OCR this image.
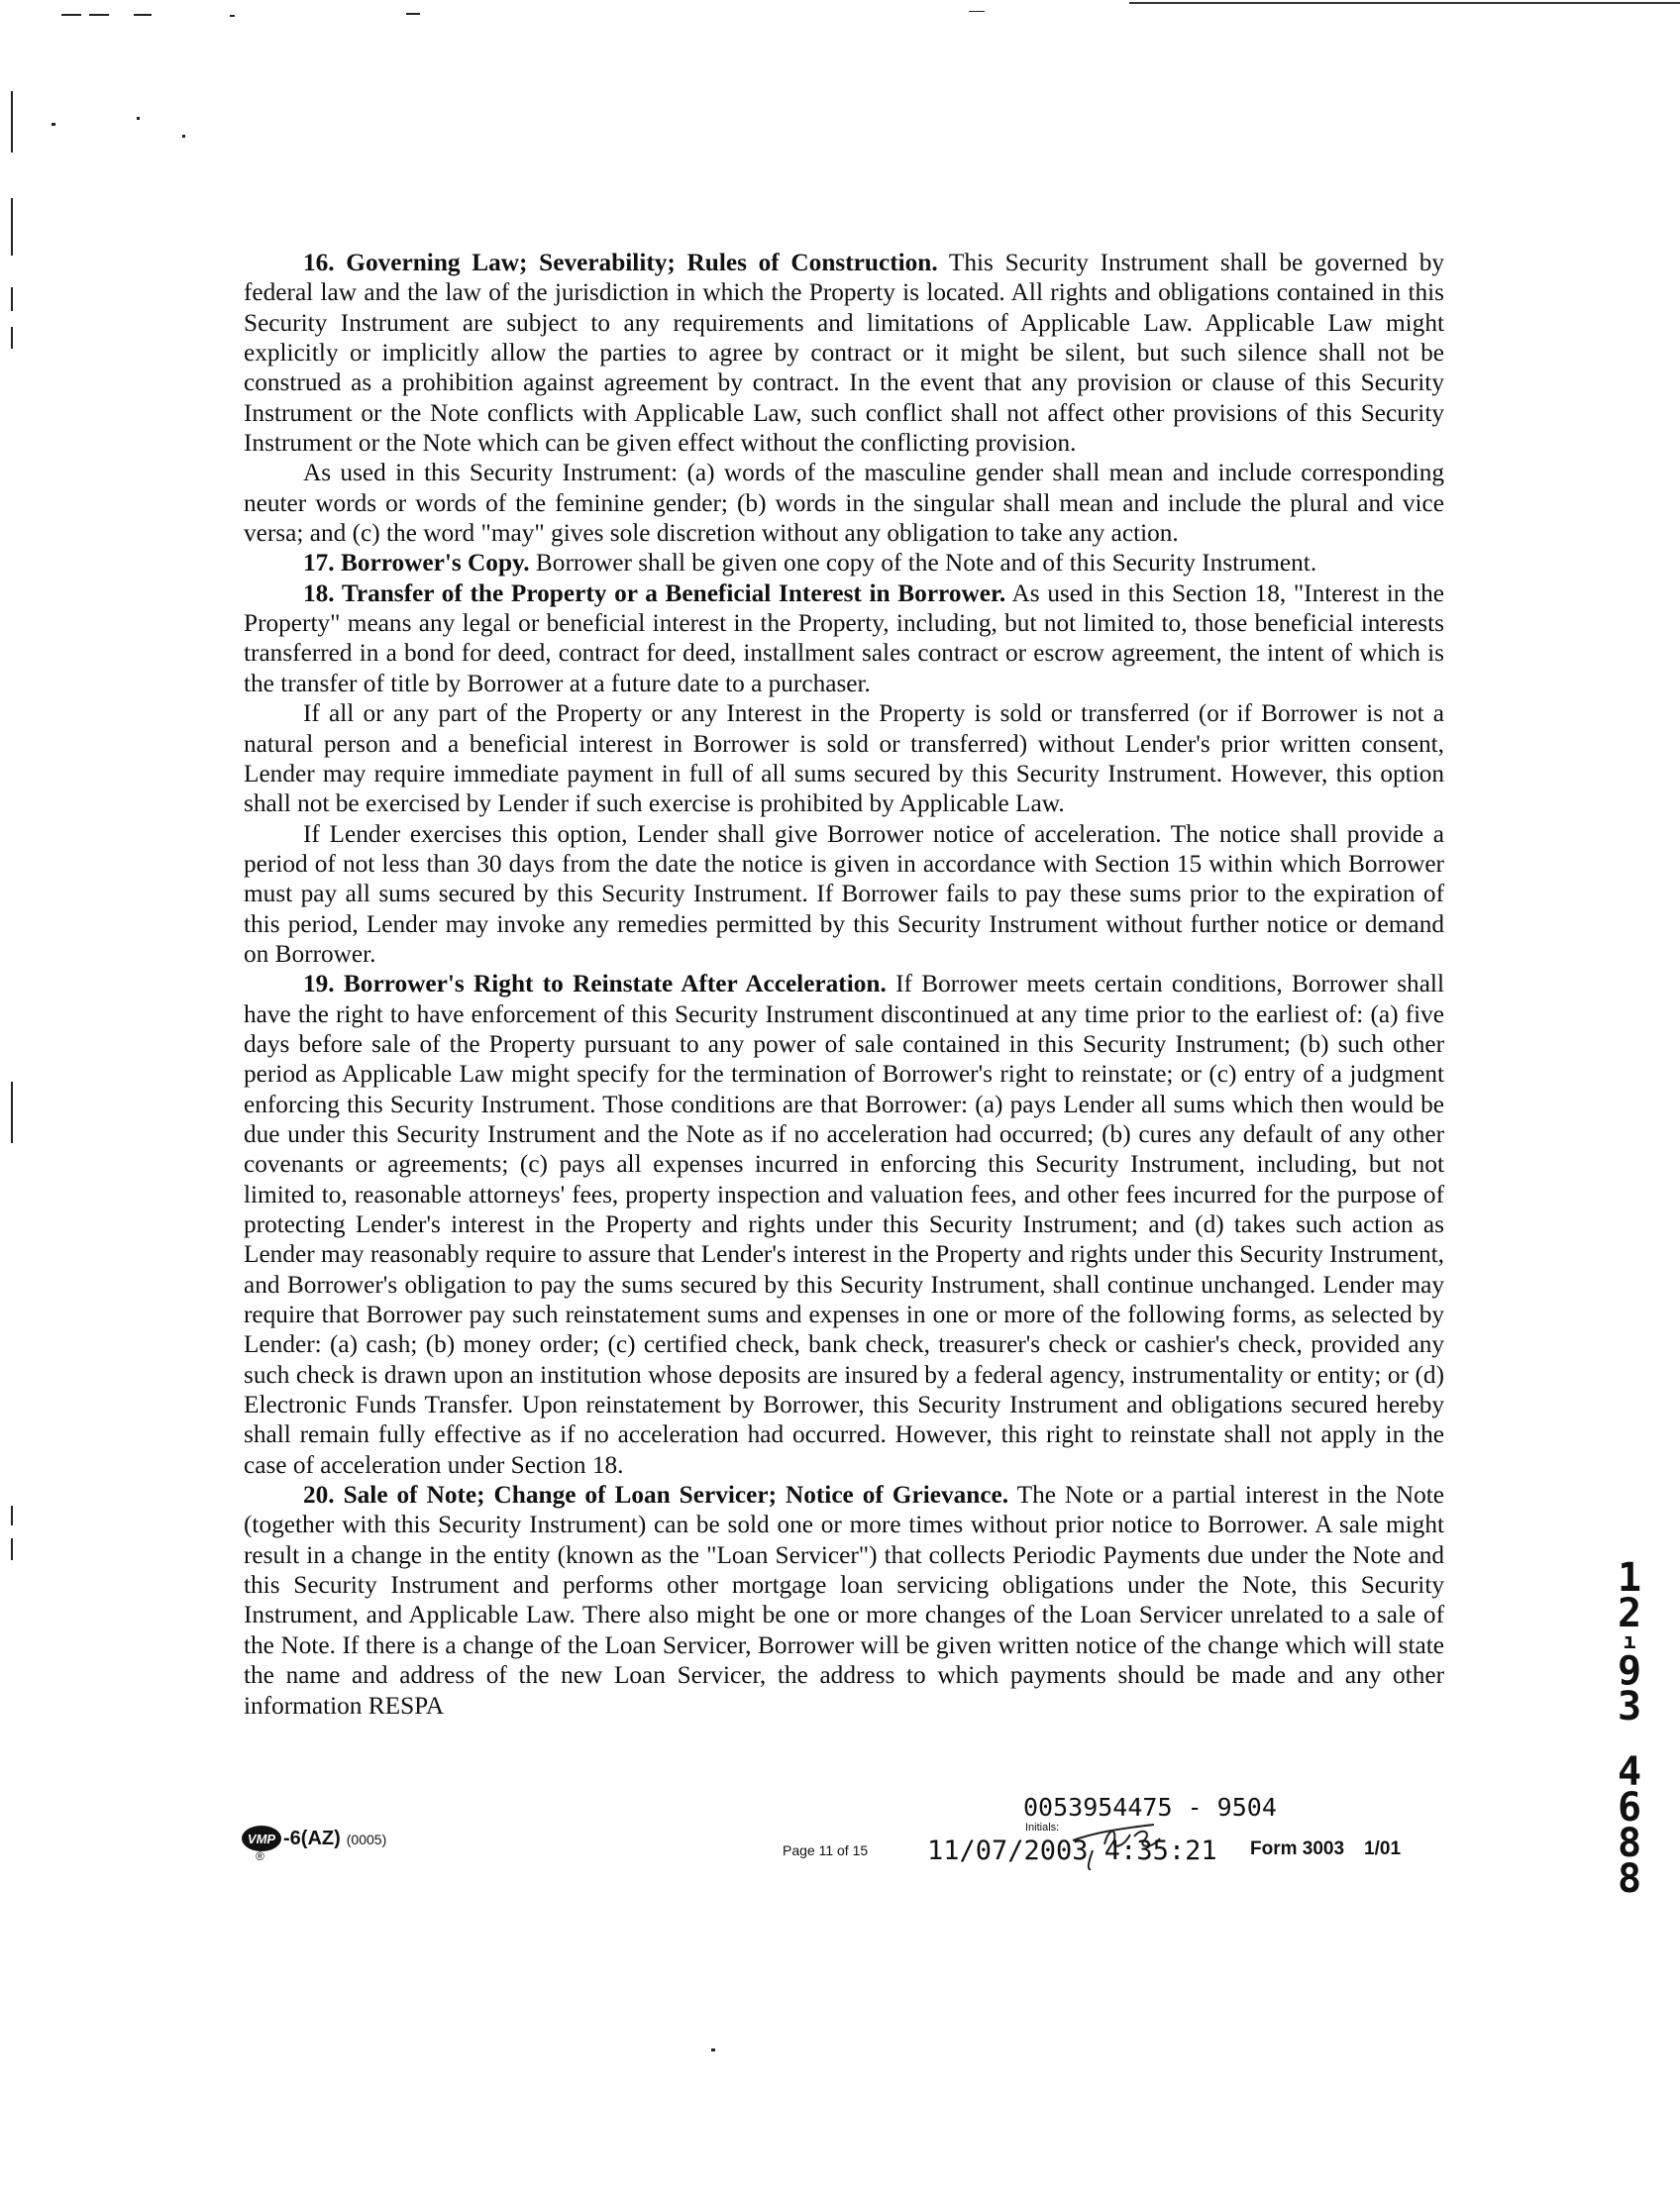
16. Governing Law; Severability; Rules of Construction. This Security Instrument shall be governed by federal law and the law of the jurisdiction in which the Property is located. All rights and obligations contained in this Security Instrument are subject to any requirements and limitations of Applicable Law. Applicable Law might explicitly or implicitly allow the parties to agree by contract or it might be silent, but such silence shall not be construed as a prohibition against agreement by contract. In the event that any provision or clause of this Security Instrument or the Note conflicts with Applicable Law, such conflict shall not affect other provisions of this Security Instrument or the Note which can be given effect without the conflicting provision.

As used in this Security Instrument: (a) words of the masculine gender shall mean and include corresponding neuter words or words of the feminine gender; (b) words in the singular shall mean and include the plural and vice versa; and (c) the word "may" gives sole discretion without any obligation to take any action.

17. Borrower's Copy. Borrower shall be given one copy of the Note and of this Security Instrument.

18. Transfer of the Property or a Beneficial Interest in Borrower. As used in this Section 18, "Interest in the Property" means any legal or beneficial interest in the Property, including, but not limited to, those beneficial interests transferred in a bond for deed, contract for deed, installment sales contract or escrow agreement, the intent of which is the transfer of title by Borrower at a future date to a purchaser.

If all or any part of the Property or any Interest in the Property is sold or transferred (or if Borrower is not a natural person and a beneficial interest in Borrower is sold or transferred) without Lender's prior written consent, Lender may require immediate payment in full of all sums secured by this Security Instrument. However, this option shall not be exercised by Lender if such exercise is prohibited by Applicable Law.

If Lender exercises this option, Lender shall give Borrower notice of acceleration. The notice shall provide a period of not less than 30 days from the date the notice is given in accordance with Section 15 within which Borrower must pay all sums secured by this Security Instrument. If Borrower fails to pay these sums prior to the expiration of this period, Lender may invoke any remedies permitted by this Security Instrument without further notice or demand on Borrower.

19. Borrower's Right to Reinstate After Acceleration. If Borrower meets certain conditions, Borrower shall have the right to have enforcement of this Security Instrument discontinued at any time prior to the earliest of: (a) five days before sale of the Property pursuant to any power of sale contained in this Security Instrument; (b) such other period as Applicable Law might specify for the termination of Borrower's right to reinstate; or (c) entry of a judgment enforcing this Security Instrument. Those conditions are that Borrower: (a) pays Lender all sums which then would be due under this Security Instrument and the Note as if no acceleration had occurred; (b) cures any default of any other covenants or agreements; (c) pays all expenses incurred in enforcing this Security Instrument, including, but not limited to, reasonable attorneys' fees, property inspection and valuation fees, and other fees incurred for the purpose of protecting Lender's interest in the Property and rights under this Security Instrument; and (d) takes such action as Lender may reasonably require to assure that Lender's interest in the Property and rights under this Security Instrument, and Borrower's obligation to pay the sums secured by this Security Instrument, shall continue unchanged. Lender may require that Borrower pay such reinstatement sums and expenses in one or more of the following forms, as selected by Lender: (a) cash; (b) money order; (c) certified check, bank check, treasurer's check or cashier's check, provided any such check is drawn upon an institution whose deposits are insured by a federal agency, instrumentality or entity; or (d) Electronic Funds Transfer. Upon reinstatement by Borrower, this Security Instrument and obligations secured hereby shall remain fully effective as if no acceleration had occurred. However, this right to reinstate shall not apply in the case of acceleration under Section 18.

20. Sale of Note; Change of Loan Servicer; Notice of Grievance. The Note or a partial interest in the Note (together with this Security Instrument) can be sold one or more times without prior notice to Borrower. A sale might result in a change in the entity (known as the "Loan Servicer") that collects Periodic Payments due under the Note and this Security Instrument and performs other mortgage loan servicing obligations under the Note, this Security Instrument, and Applicable Law. There also might be one or more changes of the Loan Servicer unrelated to a sale of the Note. If there is a change of the Loan Servicer, Borrower will be given written notice of the change which will state the name and address of the new Loan Servicer, the address to which payments should be made and any other information RESPA

1
2
ı
9
3
4
6
8
8
VMP
®
-6(AZ) (0005)
Page 11 of 15
0053954475 - 9504
Initials:
11/07/2003 4:35:21 Form 3003 1/01
